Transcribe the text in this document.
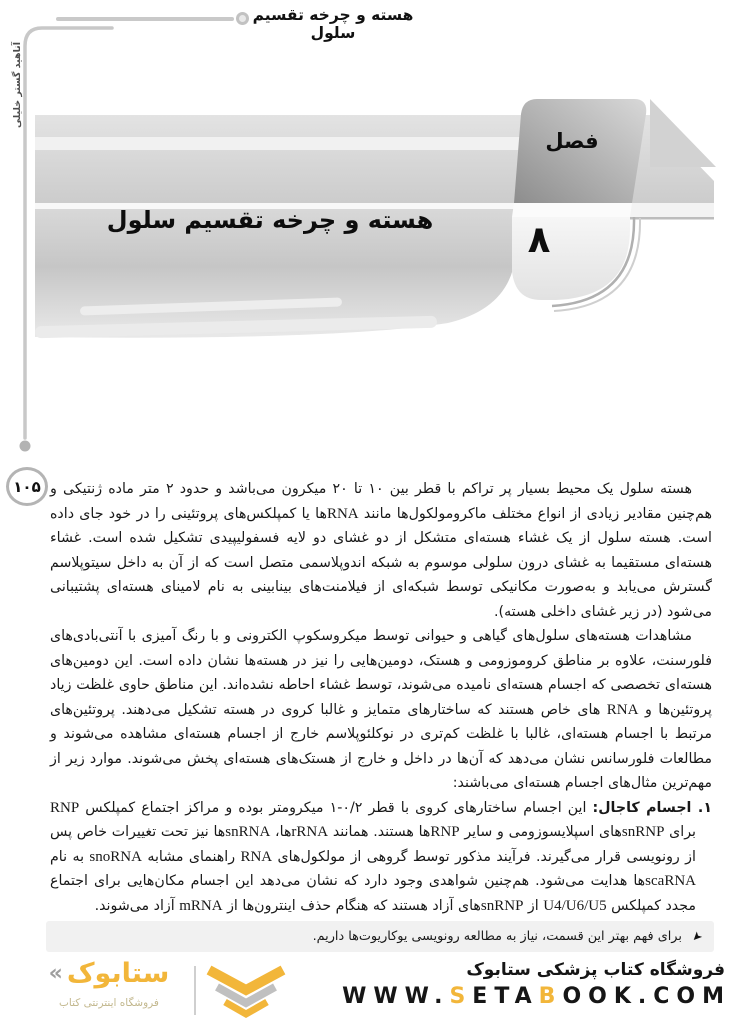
هسته و چرخه تقسیم سلول
آناهید گستر خلیلی
۱۰۵
فصل
۸
هسته و چرخه تقسیم سلول

هسته سلول یک محیط بسیار پر تراکم با قطر بین ۱۰ تا ۲۰ میکرون می‌باشد و حدود ۲ متر ماده ژنتیکی و هم‌چنین مقادیر زیادی از انواع مختلف ماکرومولکول‌ها مانند RNAها یا کمپلکس‌های پروتئینی را در خود جای داده است. هسته سلول از یک غشاء هسته‌ای متشکل از دو غشای دو لایه فسفولیپیدی تشکیل شده است. غشاء هسته‌ای مستقیما به غشای درون سلولی موسوم به شبکه اندوپلاسمی متصل است که از آن به داخل سیتوپلاسم گسترش می‌یابد و به‌صورت مکانیکی توسط شبکه‌ای از فیلامنت‌های بینابینی به نام لامینای هسته‌ای پشتیبانی می‌شود (در زیر غشای داخلی هسته).

مشاهدات هسته‌های سلول‌های گیاهی و حیوانی توسط میکروسکوپ الکترونی و با رنگ آمیزی با آنتی‌بادی‌های فلورسنت، علاوه بر مناطق کروموزومی و هستک، دومین‌هایی را نیز در هسته‌ها نشان داده است. این دومین‌های هسته‌ای تخصصی که اجسام هسته‌ای نامیده می‌شوند، توسط غشاء احاطه نشده‌اند. این مناطق حاوی غلظت زیاد پروتئین‌ها و RNA های خاص هستند که ساختارهای متمایز و غالبا کروی در هسته تشکیل می‌دهند. پروتئین‌های مرتبط با اجسام هسته‌ای، غالبا با غلظت کم‌تری در نوکلئوپلاسم خارج از اجسام هسته‌ای مشاهده می‌شوند و مطالعات فلورسانس نشان می‌دهد که آن‌ها در داخل و خارج از هستک‌های هسته‌ای پخش می‌شوند. موارد زیر از مهم‌ترین مثال‌های اجسام هسته‌ای می‌باشند:

۱. اجسام کاجال: این اجسام ساختارهای کروی با قطر ۰/۲-۱ میکرومتر بوده و مراکز اجتماع کمپلکس RNP برای snRNPهای اسپلایسوزومی و سایر RNPها هستند. همانند rRNAها، snRNAها نیز تحت تغییرات خاص پس از رونویسی قرار می‌گیرند. فرآیند مذکور توسط گروهی از مولکول‌های RNA راهنمای مشابه snoRNA به نام scaRNAها هدایت می‌شود. هم‌چنین شواهدی وجود دارد که نشان می‌دهد این اجسام مکان‌هایی برای اجتماع مجدد کمپلکس U4/U6/U5 از snRNPهای آزاد هستند که هنگام حذف اینترون‌ها از mRNA آزاد می‌شوند.

➤
برای فهم بهتر این قسمت، نیاز به مطالعه رونویسی یوکاریوت‌ها داریم.
فروشگاه کتاب پزشکی ستابوک
WWW.SETABOOK.COM
« ستابوک
فروشگاه اینترنتی کتاب
